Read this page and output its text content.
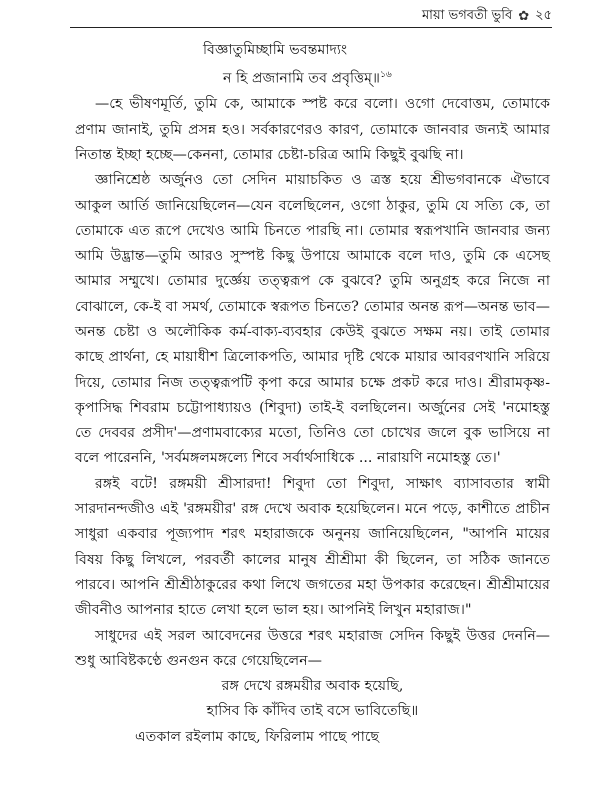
মায়া ভগবতী ভুবি ✿ ২৫
বিজ্ঞাতুমিচ্ছামি ভবন্তমাদ্যং
ন হি প্রজানামি তব প্রবৃত্তিম্॥$^{১৬}$

—হে ভীষণমূর্তি, তুমি কে, আমাকে স্পষ্ট করে বলো। ওগো দেবোত্তম, তোমাকে প্রণাম জানাই, তুমি প্রসন্ন হও। সর্বকারণেরও কারণ, তোমাকে জানবার জন্যই আমার নিতান্ত ইচ্ছা হচ্ছে—কেননা, তোমার চেষ্টা-চরিত্র আমি কিছুই বুঝছি না।

জ্ঞানিশ্রেষ্ঠ অর্জুনও তো সেদিন মায়াচকিত ও ত্রস্ত হয়ে শ্রীভগবানকে ঐভাবে আকুল আর্তি জানিয়েছিলেন—যেন বলেছিলেন, ওগো ঠাকুর, তুমি যে সত্যি কে, তা তোমাকে এত রূপে দেখেও আমি চিনতে পারছি না। তোমার স্বরূপখানি জানবার জন্য আমি উদ্ভ্রান্ত—তুমি আরও সুস্পষ্ট কিছু উপায়ে আমাকে বলে দাও, তুমি কে এসেছ আমার সম্মুখে। তোমার দুর্জ্ঞেয় তত্ত্বরূপ কে বুঝবে? তুমি অনুগ্রহ করে নিজে না বোঝালে, কে-ই বা সমর্থ, তোমাকে স্বরূপত চিনতে? তোমার অনন্ত রূপ—অনন্ত ভাব—অনন্ত চেষ্টা ও অলৌকিক কর্ম-বাক্য-ব্যবহার কেউই বুঝতে সক্ষম নয়। তাই তোমার কাছে প্রার্থনা, হে মায়াধীশ ত্রিলোকপতি, আমার দৃষ্টি থেকে মায়ার আবরণখানি সরিয়ে দিয়ে, তোমার নিজ তত্ত্বরূপটি কৃপা করে আমার চক্ষে প্রকট করে দাও। শ্রীরামকৃষ্ণ-কৃপাসিদ্ধ শিবরাম চট্টোপাধ্যায়ও (শিবুদা) তাই-ই বলছিলেন। অর্জুনের সেই 'নমোহস্তু তে দেববর প্রসীদ'—প্রণামবাক্যের মতো, তিনিও তো চোখের জলে বুক ভাসিয়ে না বলে পারেননি, 'সর্বমঙ্গলমঙ্গল্যে শিবে সর্বার্থসাধিকে ... নারায়ণি নমোহস্তু তে।'

রঙ্গই বটে! রঙ্গময়ী শ্রীসারদা! শিবুদা তো শিবুদা, সাক্ষাৎ ব্যাসাবতার স্বামী সারদানন্দজীও এই 'রঙ্গময়ীর' রঙ্গ দেখে অবাক হয়েছিলেন। মনে পড়ে, কাশীতে প্রাচীন সাধুরা একবার পূজ্যপাদ শরৎ মহারাজকে অনুনয় জানিয়েছিলেন, "আপনি মায়ের বিষয় কিছু লিখলে, পরবর্তী কালের মানুষ শ্রীশ্রীমা কী ছিলেন, তা সঠিক জানতে পারবে। আপনি শ্রীশ্রীঠাকুরের কথা লিখে জগতের মহা উপকার করেছেন। শ্রীশ্রীমায়ের জীবনীও আপনার হাতে লেখা হলে ভাল হয়। আপনিই লিখুন মহারাজ।"

সাধুদের এই সরল আবেদনের উত্তরে শরৎ মহারাজ সেদিন কিছুই উত্তর দেননি—শুধু আবিষ্টকণ্ঠে গুনগুন করে গেয়েছিলেন—

রঙ্গ দেখে রঙ্গময়ীর অবাক হয়েছি,
হাসিব কি কাঁদিব তাই বসে ভাবিতেছি॥
এতকাল রইলাম কাছে, ফিরিলাম পাছে পাছে
